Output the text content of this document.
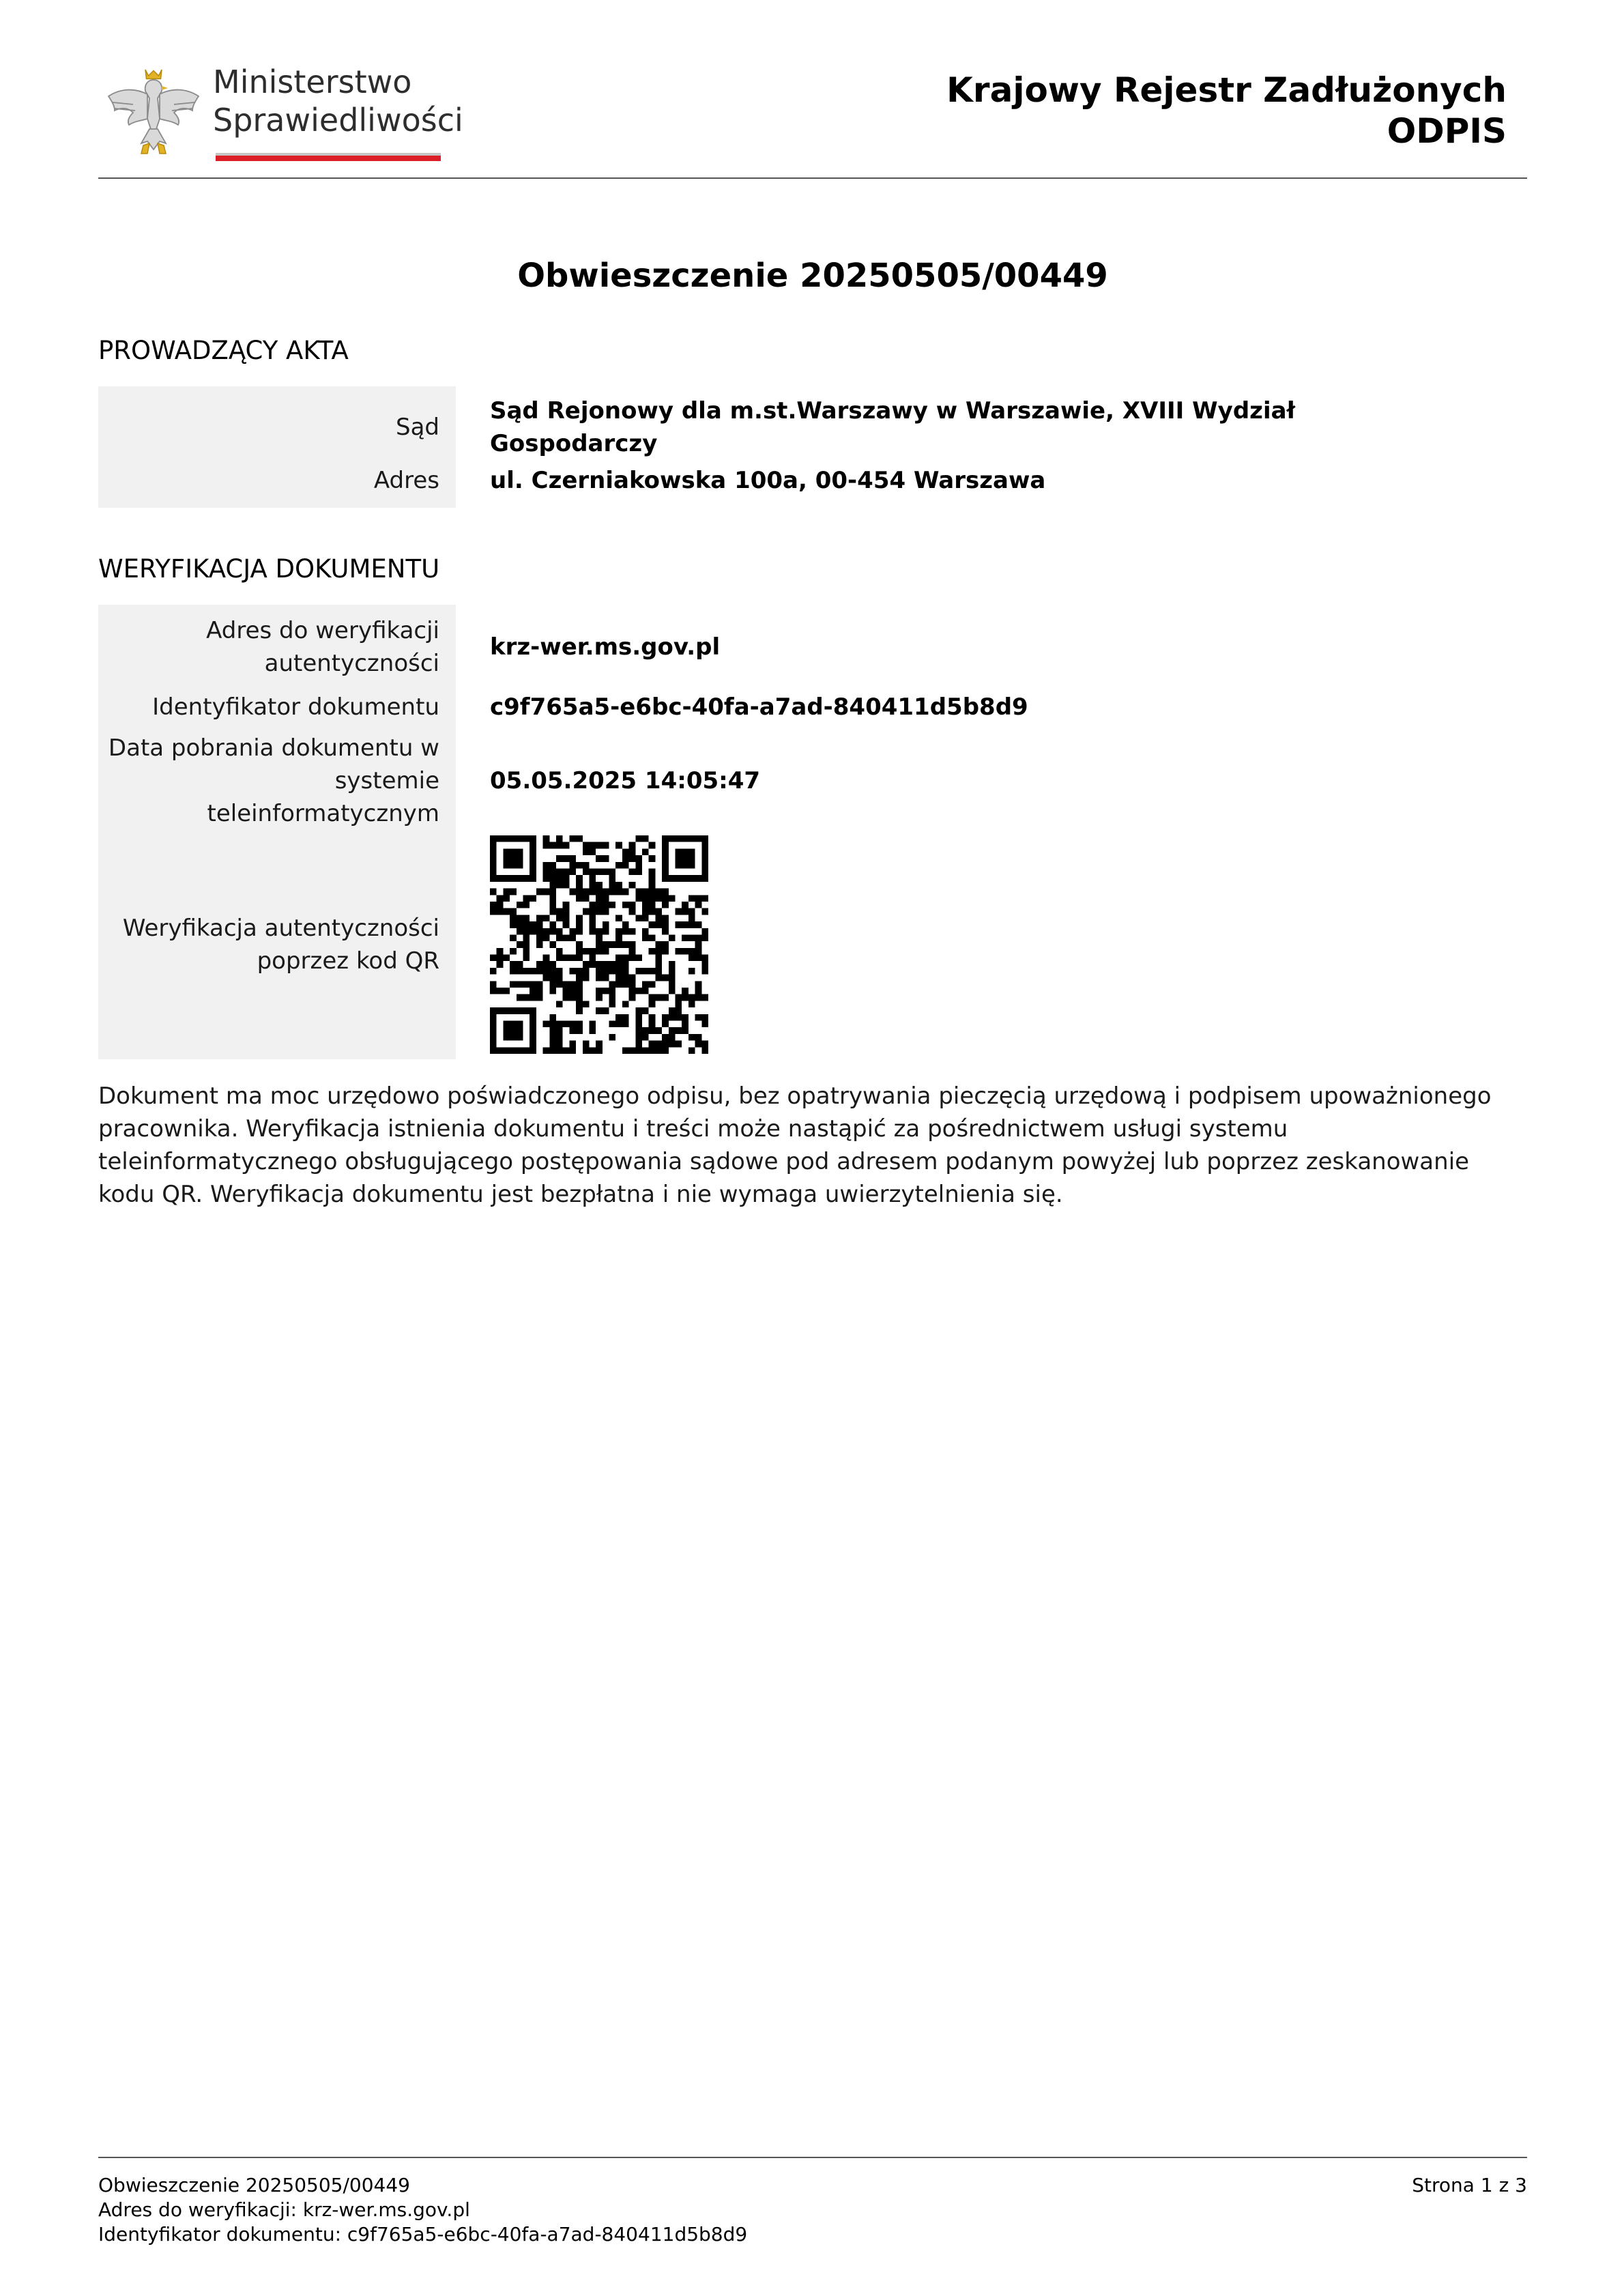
Ministerstwo
Sprawiedliwości
Krajowy Rejestr Zadłużonych
ODPIS
Obwieszczenie 20250505/00449
PROWADZĄCY AKTA
Sąd	Sąd Rejonowy dla m.st.Warszawy w Warszawie, XVIII Wydział Gospodarczy
Adres	ul. Czerniakowska 100a, 00-454 Warszawa
WERYFIKACJA DOKUMENTU
Adres do weryfikacji autentyczności	krz-wer.ms.gov.pl
Identyfikator dokumentu	c9f765a5-e6bc-40fa-a7ad-840411d5b8d9
Data pobrania dokumentu w systemie teleinformatycznym	05.05.2025 14:05:47
Weryfikacja autentyczności poprzez kod QR	
Dokument ma moc urzędowo poświadczonego odpisu, bez opatrywania pieczęcią urzędową i podpisem upoważnionego pracownika. Weryfikacja istnienia dokumentu i treści może nastąpić za pośrednictwem usługi systemu teleinformatycznego obsługującego postępowania sądowe pod adresem podanym powyżej lub poprzez zeskanowanie kodu QR. Weryfikacja dokumentu jest bezpłatna i nie wymaga uwierzytelnienia się.
Obwieszczenie 20250505/00449
Adres do weryfikacji: krz-wer.ms.gov.pl
Identyfikator dokumentu: c9f765a5-e6bc-40fa-a7ad-840411d5b8d9
Strona 1 z 3
